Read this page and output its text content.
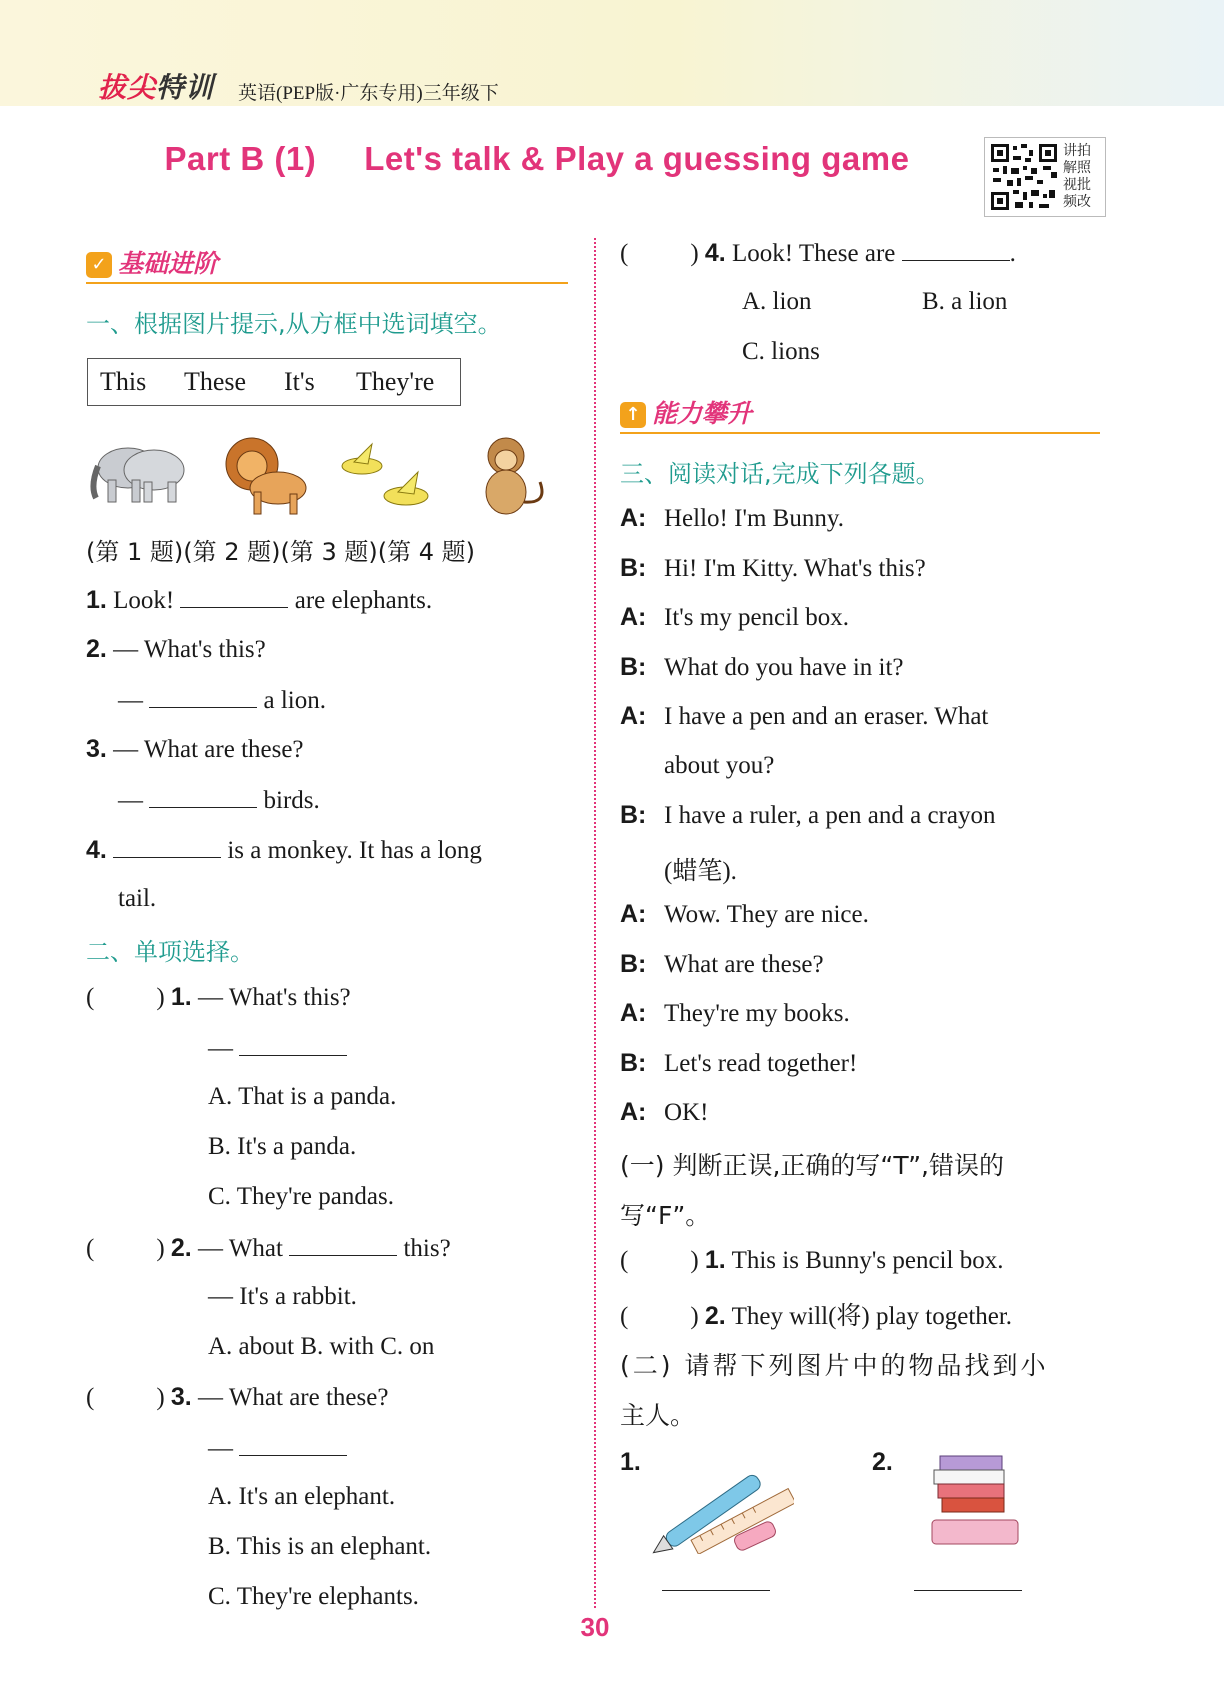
拔尖特训 英语(PEP版·广东专用)三年级下
Part B (1) Let's talk & Play a guessing game	讲拍解照视批频改
✓ 基础进阶
一、根据图片提示,从方框中选词填空。
This These It's They're
(第 1 题)(第 2 题)(第 3 题)(第 4 题)
1. Look!	are elephants.
2. — What's this?
—	a lion.
3. — What are these?
—	birds.
4.	is a monkey. It has a long
tail.
二、单项选择。
( ) 1. — What's this?
—
A. That is a panda.
B. It's a panda.
C. They're pandas.
( ) 2. — What	this?
— It's a rabbit.
A. about B. with C. on
( ) 3. — What are these?
—
A. It's an elephant.
B. This is an elephant.
C. They're elephants.
( ) 4. Look! These are	.
A. lion	B. a lion
C. lions
↑ 能力攀升
三、阅读对话,完成下列各题。
A: Hello! I'm Bunny.
B: Hi! I'm Kitty. What's this?
A: It's my pencil box.
B: What do you have in it?
A: I have a pen and an eraser. What
about you?
B: I have a ruler, a pen and a crayon
(蜡笔).
A: Wow. They are nice.
B: What are these?
A: They're my books.
B: Let's read together!
A: OK!
(一) 判断正误,正确的写“T”,错误的
写“F”。
( ) 1. This is Bunny's pencil box.
( ) 2. They will(将) play together.
(二) 请帮下列图片中的物品找到小
主人。
1.	2.
30
